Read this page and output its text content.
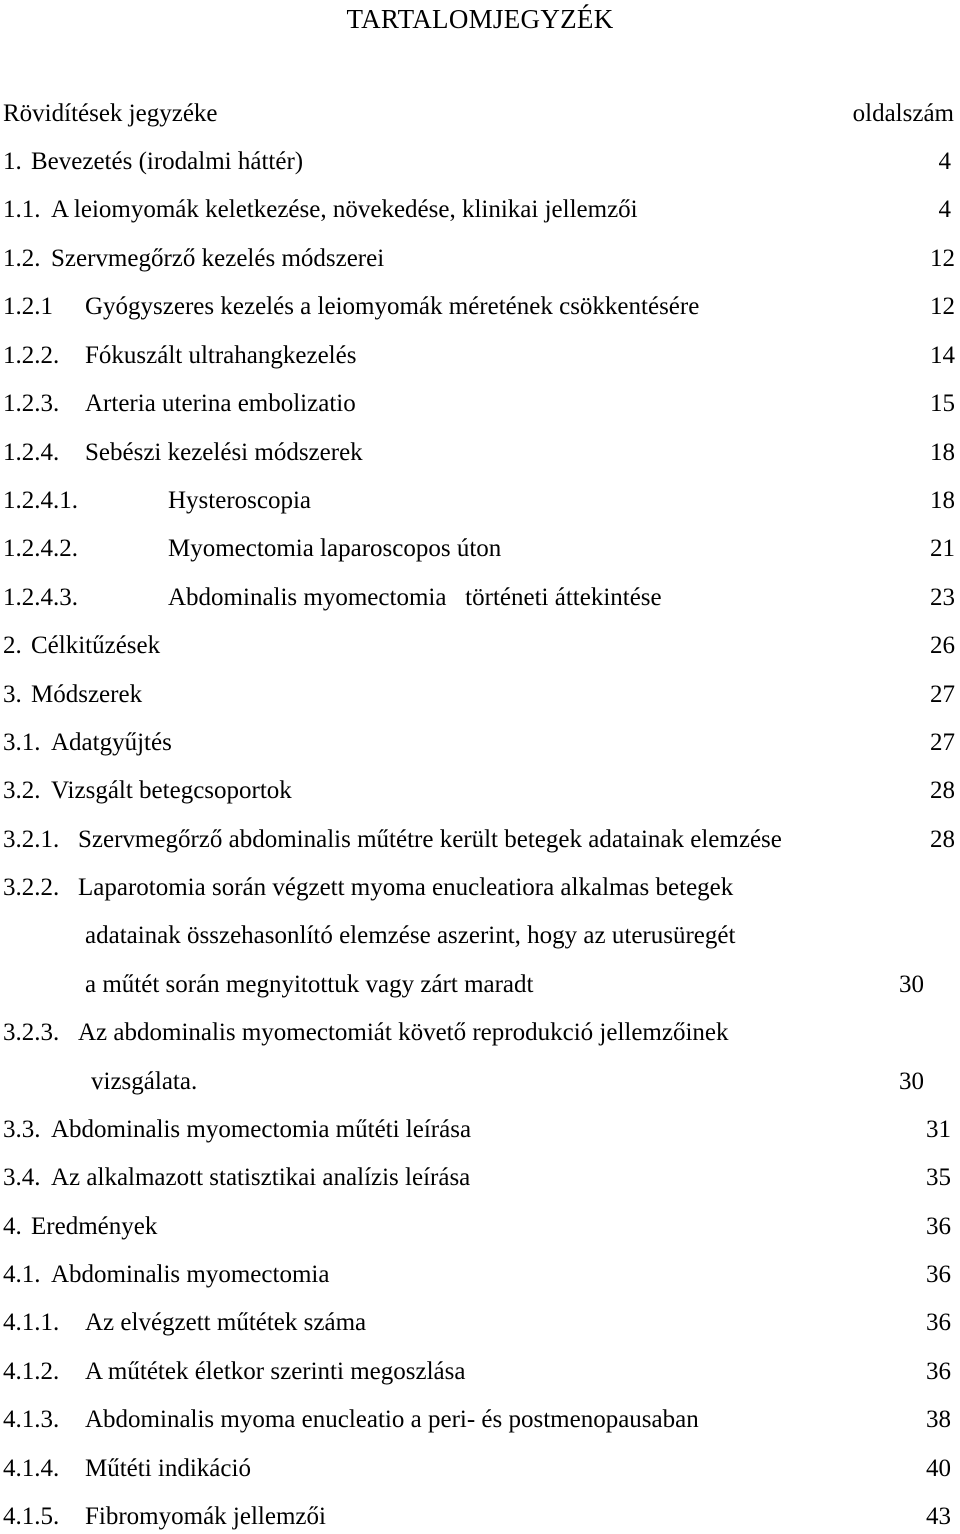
TARTALOMJEGYZÉK
Rövidítések jegyzéke	oldalszám
1. Bevezetés (irodalmi háttér)	4
1.1. A leiomyomák keletkezése, növekedése, klinikai jellemzői	4
1.2. Szervmegőrző kezelés módszerei	12
1.2.1 Gyógyszeres kezelés a leiomyomák méretének csökkentésére	12
1.2.2. Fókuszált ultrahangkezelés	14
1.2.3. Arteria uterina embolizatio	15
1.2.4. Sebészi kezelési módszerek	18
1.2.4.1.	Hysteroscopia	18
1.2.4.2.	Myomectomia laparoscopos úton	21
1.2.4.3.	Abdominalis myomectomia   történeti áttekintése	23
2. Célkitűzések	26
3. Módszerek	27
3.1. Adatgyűjtés	27
3.2. Vizsgált betegcsoportok	28
3.2.1. Szervmegőrző abdominalis műtétre került betegek adatainak elemzése	28
3.2.2. Laparotomia során végzett myoma enucleatiora alkalmas betegek
adatainak összehasonlító elemzése aszerint, hogy az uterusüregét
a műtét során megnyitottuk vagy zárt maradt	30
3.2.3. Az abdominalis myomectomiát követő reprodukció jellemzőinek
vizsgálata.	30
3.3. Abdominalis myomectomia műtéti leírása	31
3.4. Az alkalmazott statisztikai analízis leírása	35
4. Eredmények	36
4.1. Abdominalis myomectomia	36
4.1.1. Az elvégzett műtétek száma	36
4.1.2. A műtétek életkor szerinti megoszlása	36
4.1.3. Abdominalis myoma enucleatio a peri- és postmenopausaban	38
4.1.4. Műtéti indikáció	40
4.1.5. Fibromyomák jellemzői	43
